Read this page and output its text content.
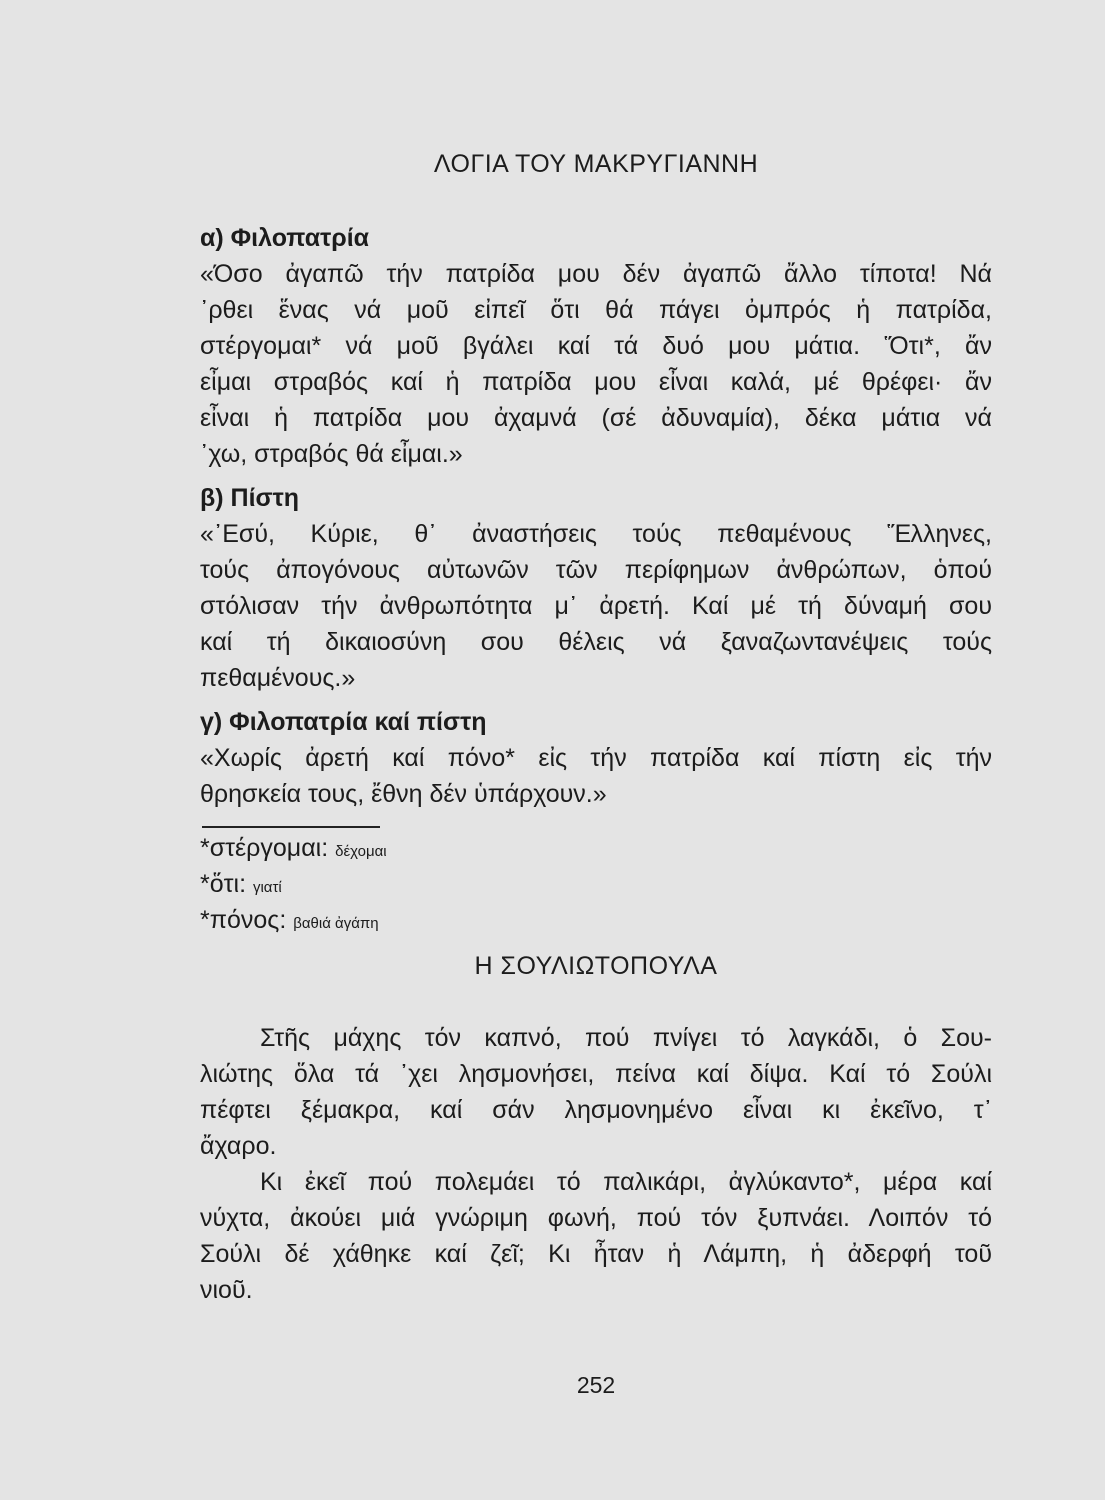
ΛΟΓΙΑ ΤΟΥ ΜΑΚΡΥΓΙΑΝΝΗ
α) Φιλοπατρία
«Όσο ἀγαπῶ τήν πατρίδα μου δέν ἀγαπῶ ἄλλο τίποτα! Νά
᾿ρθει ἕνας νά μοῦ εἰπεῖ ὅτι θά πάγει ὀμπρός ἡ πατρίδα,
στέργομαι* νά μοῦ βγάλει καί τά δυό μου μάτια. Ὅτι*, ἄν
εἶμαι στραβός καί ἡ πατρίδα μου εἶναι καλά, μέ θρέφει· ἄν
εἶναι ἡ πατρίδα μου ἀχαμνά (σέ ἀδυναμία), δέκα μάτια νά
᾿χω, στραβός θά εἶμαι.»
β) Πίστη
«᾿Εσύ, Κύριε, θ᾿ ἀναστήσεις τούς πεθαμένους Ἕλληνες,
τούς ἀπογόνους αὐτωνῶν τῶν περίφημων ἀνθρώπων, ὁπού
στόλισαν τήν ἀνθρωπότητα μ᾿ ἀρετή. Καί μέ τή δύναμή σου
καί τή δικαιοσύνη σου θέλεις νά ξαναζωντανέψεις τούς
πεθαμένους.»
γ) Φιλοπατρία καί πίστη
«Χωρίς ἀρετή καί πόνο* εἰς τήν πατρίδα καί πίστη εἰς τήν
θρησκεία τους, ἔθνη δέν ὑπάρχουν.»
*στέργομαι: δέχομαι
*ὅτι: γιατί
*πόνος: βαθιά ἀγάπη
Η ΣΟΥΛΙΩΤΟΠΟΥΛΑ
Στῆς μάχης τόν καπνό, πού πνίγει τό λαγκάδι, ὁ Σου-
λιώτης ὅλα τά ᾿χει λησμονήσει, πείνα καί δίψα. Καί τό Σούλι
πέφτει ξέμακρα, καί σάν λησμονημένο εἶναι κι ἐκεῖνο, τ᾿
ἄχαρο.
Κι ἐκεῖ πού πολεμάει τό παλικάρι, ἀγλύκαντο*, μέρα καί
νύχτα, ἀκούει μιά γνώριμη φωνή, πού τόν ξυπνάει. Λοιπόν τό
Σούλι δέ χάθηκε καί ζεῖ; Κι ἦταν ἡ Λάμπη, ἡ ἀδερφή τοῦ
νιοῦ.
252
